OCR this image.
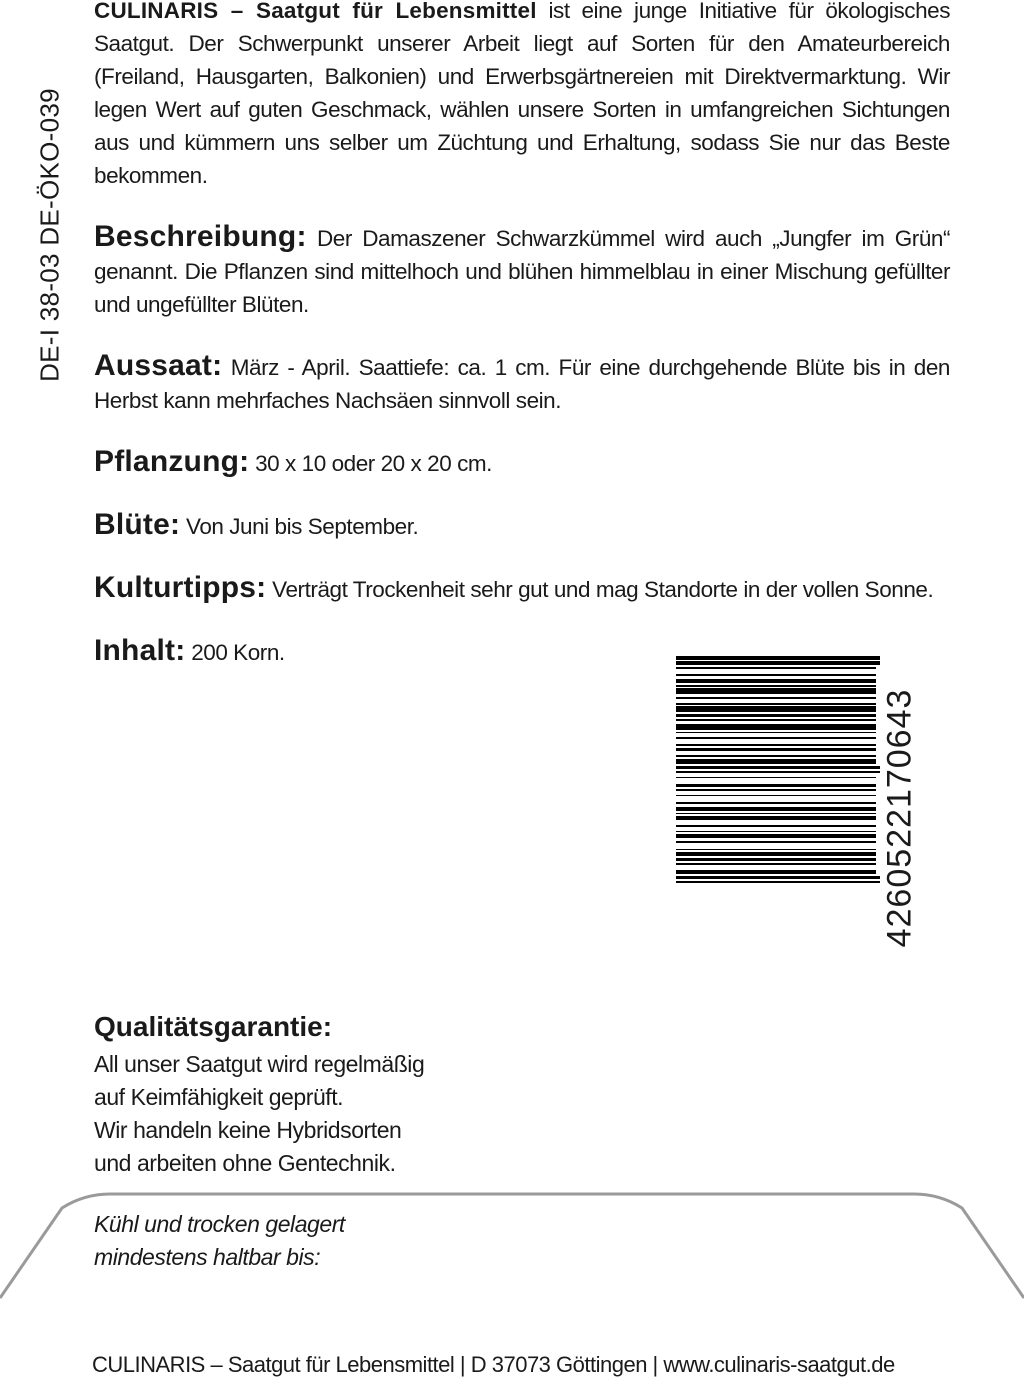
DE-I 38-03 DE-ÖKO-039

CULINARIS – Saatgut für Lebensmittel ist eine junge Initiative für ökologisches Saatgut. Der Schwerpunkt unserer Arbeit liegt auf Sorten für den Amateurbereich (Freiland, Hausgarten, Balkonien) und Erwerbsgärtnereien mit Direktvermarktung. Wir legen Wert auf guten Geschmack, wählen unsere Sorten in umfangreichen Sichtungen aus und kümmern uns selber um Züchtung und Erhaltung, sodass Sie nur das Beste bekommen.

Beschreibung: Der Damaszener Schwarzkümmel wird auch „Jungfer im Grün“ genannt. Die Pflanzen sind mittelhoch und blühen himmelblau in einer Mischung gefüllter und ungefüllter Blüten.

Aussaat: März - April. Saattiefe: ca. 1 cm. Für eine durchgehende Blüte bis in den Herbst kann mehrfaches Nachsäen sinnvoll sein.

Pflanzung: 30 x 10 oder 20 x 20 cm.

Blüte: Von Juni bis September.

Kulturtipps: Verträgt Trockenheit sehr gut und mag Standorte in der vollen Sonne.

Inhalt: 200 Korn.

4260522170643
Qualitätsgarantie:
All unser Saatgut wird regelmäßig
auf Keimfähigkeit geprüft.
Wir handeln keine Hybridsorten
und arbeiten ohne Gentechnik.
Kühl und trocken gelagert
mindestens haltbar bis:
CULINARIS – Saatgut für Lebensmittel | D 37073 Göttingen | www.culinaris-saatgut.de
